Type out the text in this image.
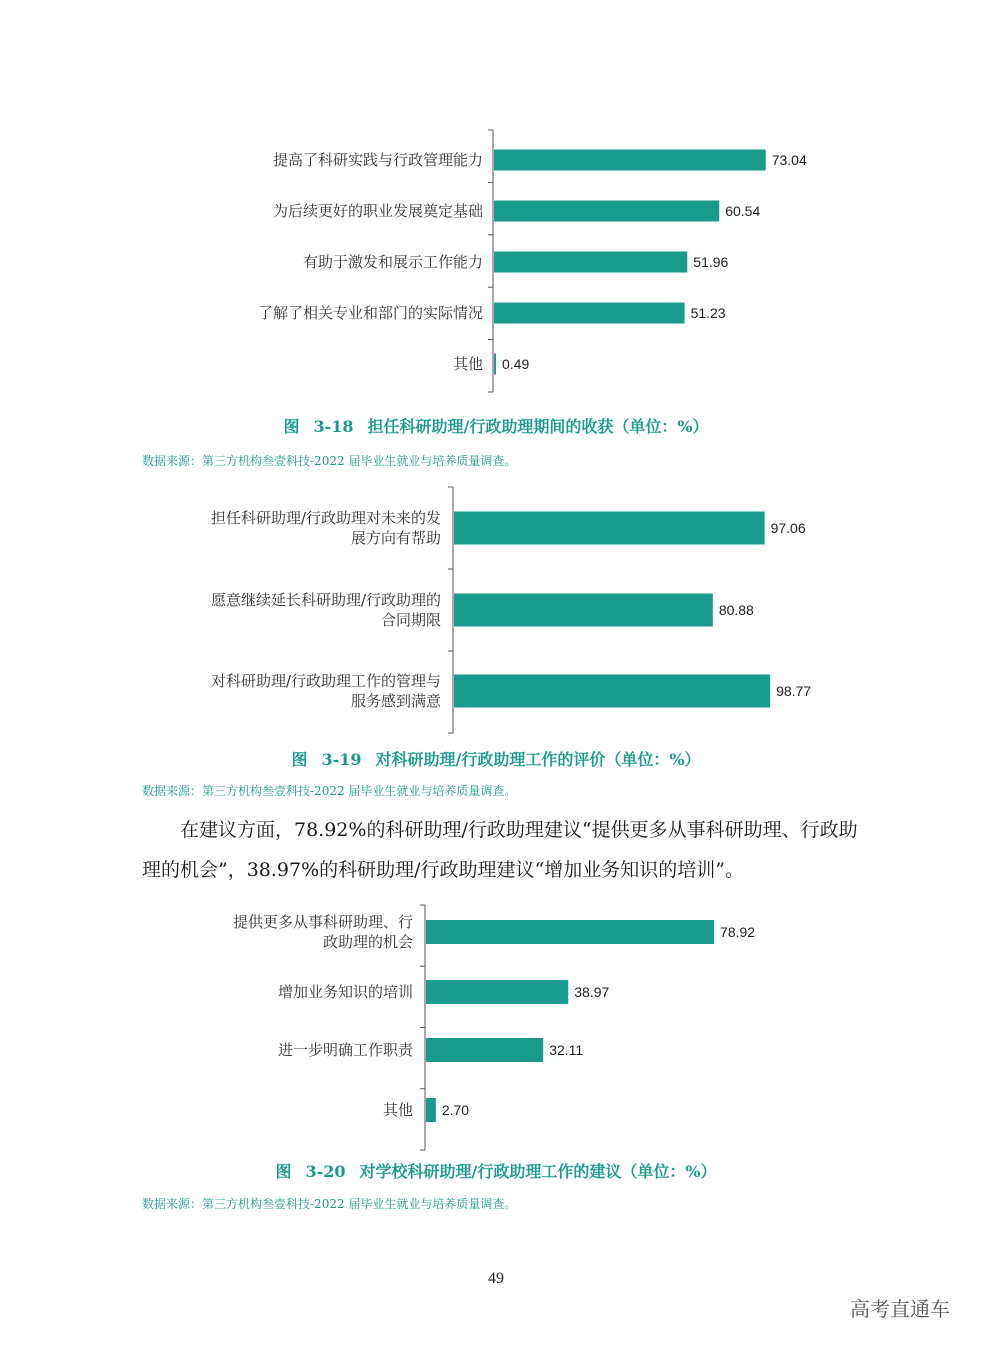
73.04
提高了科研实践与行政管理能力
60.54
为后续更好的职业发展奠定基础
51.96
有助于激发和展示工作能力
51.23
了解了相关专业和部门的实际情况
0.49
其他
97.06
担任科研助理/行政助理对未来的发
展方向有帮助
80.88
愿意继续延长科研助理/行政助理的
合同期限
98.77
对科研助理/行政助理工作的管理与
服务感到满意
78.92
提供更多从事科研助理、行
政助理的机会
38.97
增加业务知识的培训
32.11
进一步明确工作职责
2.70
其他
图 3-18 担任科研助理/行政助理期间的收获（单位：%）
数据来源：第三方机构叁壹科技-2022 届毕业生就业与培养质量调查。
图 3-19 对科研助理/行政助理工作的评价（单位：%）
数据来源：第三方机构叁壹科技-2022 届毕业生就业与培养质量调查。
在建议方面，78.92%的科研助理/行政助理建议“提供更多从事科研助理、行政助理的机会”，38.97%的科研助理/行政助理建议“增加业务知识的培训”。
图 3-20 对学校科研助理/行政助理工作的建议（单位：%）
数据来源：第三方机构叁壹科技-2022 届毕业生就业与培养质量调查。
49
高考直通车
